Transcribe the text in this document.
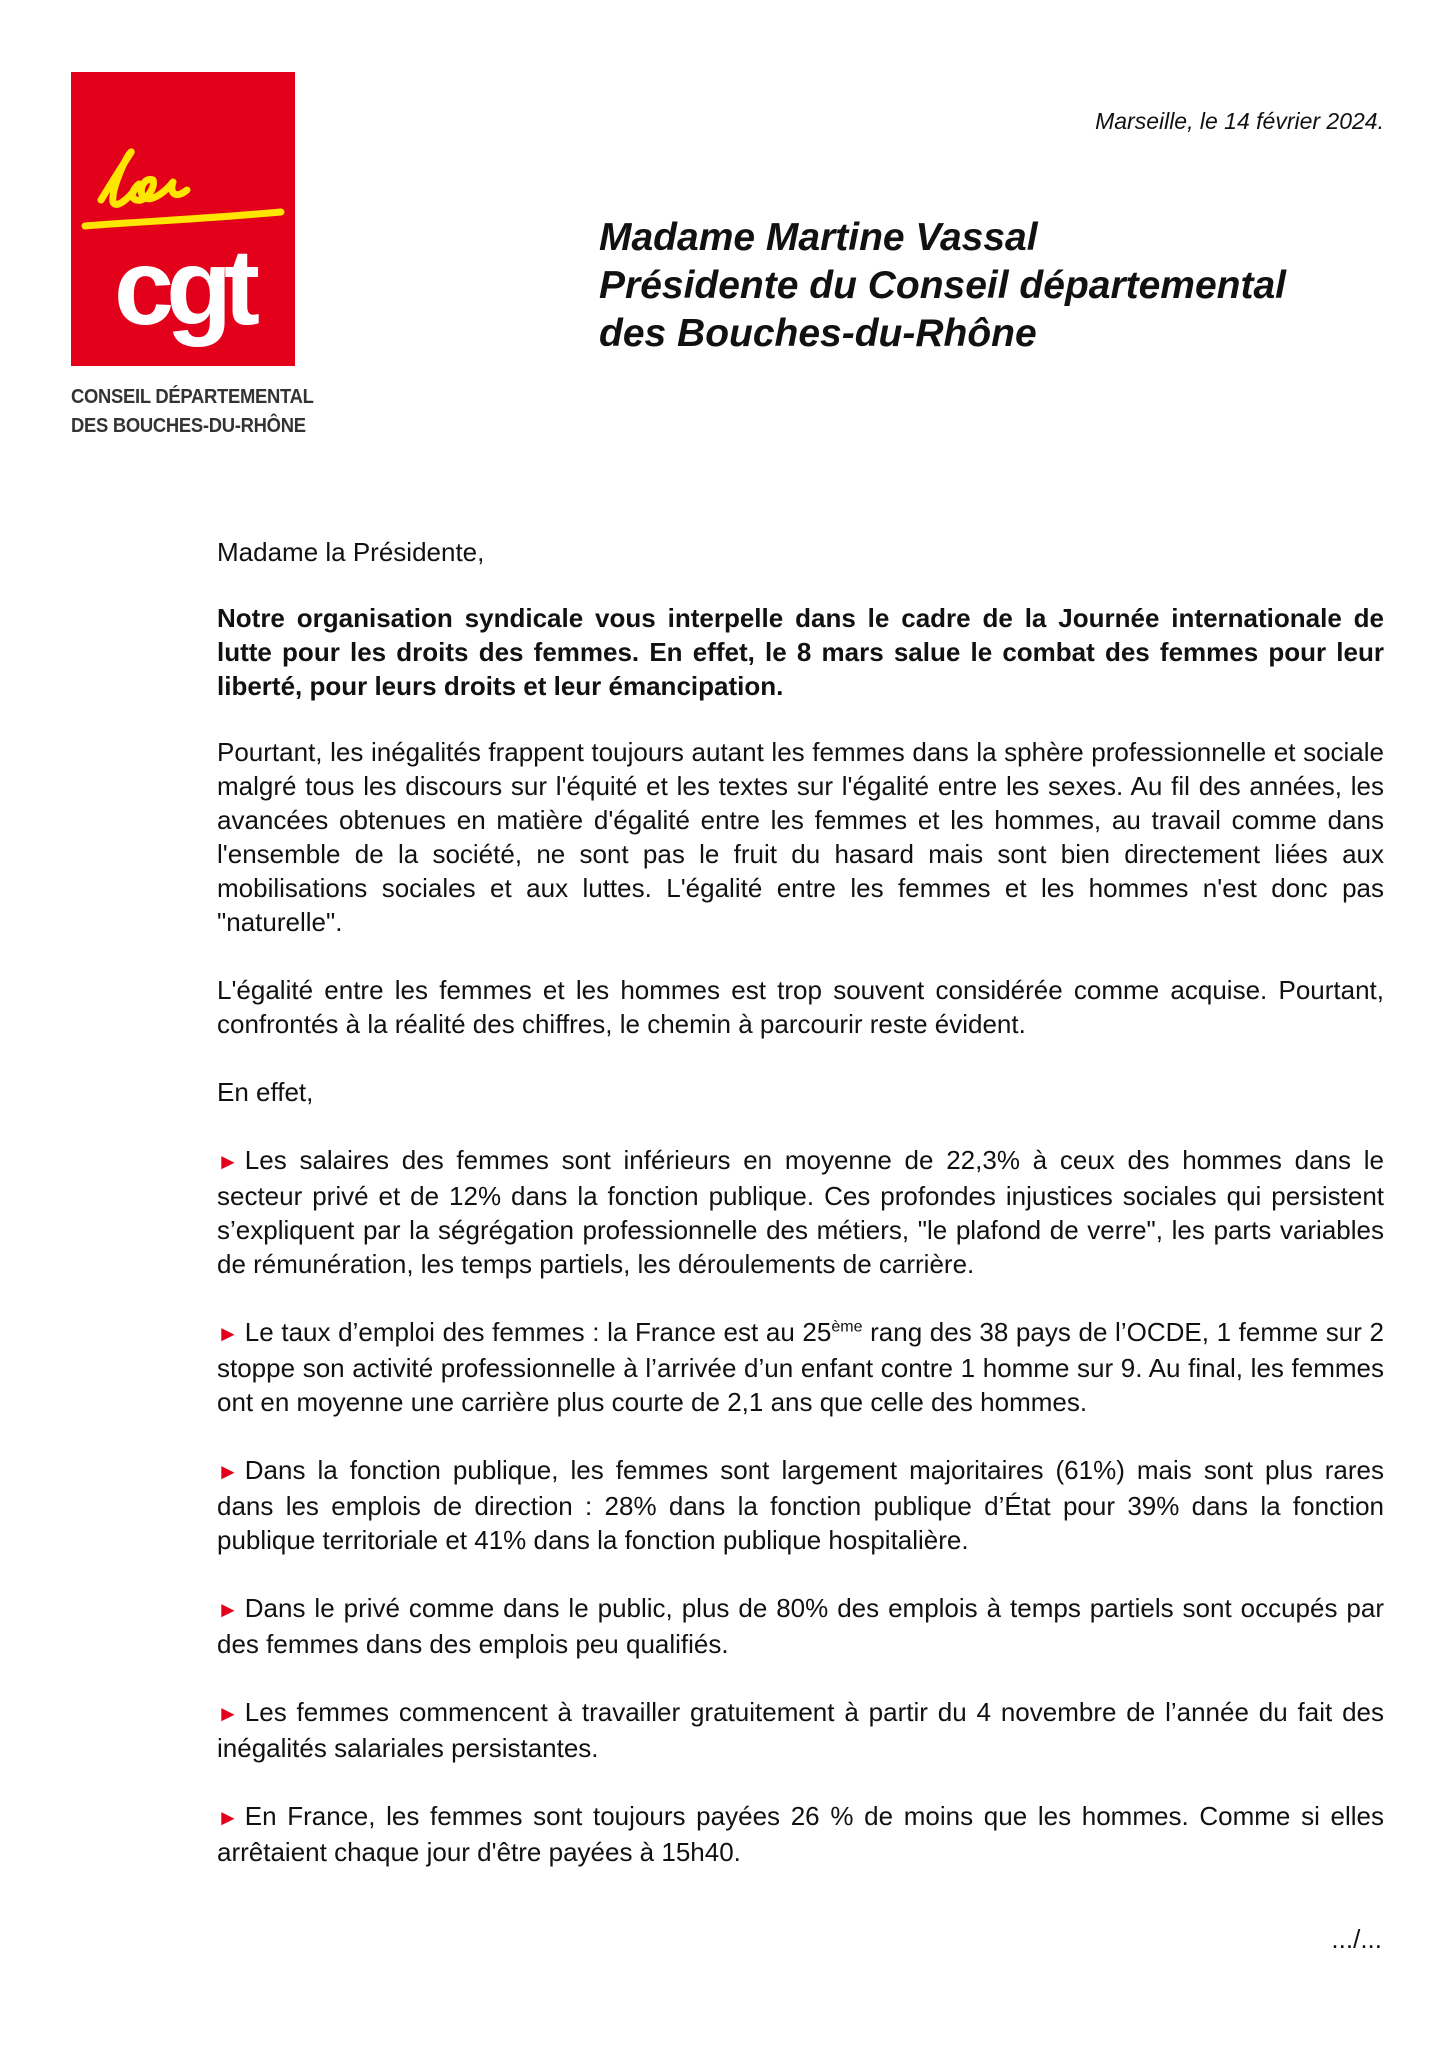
cgt
CONSEIL DÉPARTEMENTAL
DES BOUCHES-DU-RHÔNE
Marseille, le 14 février 2024.
Madame Martine Vassal
Présidente du Conseil départemental
des Bouches-du-Rhône

Madame la Présidente,

Notre organisation syndicale vous interpelle dans le cadre de la Journée internationale de lutte pour les droits des femmes. En effet, le 8 mars salue le combat des femmes pour leur liberté, pour leurs droits et leur émancipation.

Pourtant, les inégalités frappent toujours autant les femmes dans la sphère professionnelle et sociale malgré tous les discours sur l'équité et les textes sur l'égalité entre les sexes. Au fil des années, les avancées obtenues en matière d'égalité entre les femmes et les hommes, au travail comme dans l'ensemble de la société, ne sont pas le fruit du hasard mais sont bien directement liées aux mobilisations sociales et aux luttes. L'égalité entre les femmes et les hommes n'est donc pas "naturelle".

L'égalité entre les femmes et les hommes est trop souvent considérée comme acquise. Pourtant, confrontés à la réalité des chiffres, le chemin à parcourir reste évident.

En effet,

► Les salaires des femmes sont inférieurs en moyenne de 22,3% à ceux des hommes dans le secteur privé et de 12% dans la fonction publique. Ces profondes injustices sociales qui persistent s’expliquent par la ségrégation professionnelle des métiers, "le plafond de verre", les parts variables de rémunération, les temps partiels, les déroulements de carrière.

► Le taux d’emploi des femmes : la France est au 25ème rang des 38 pays de l’OCDE, 1 femme sur 2 stoppe son activité professionnelle à l’arrivée d’un enfant contre 1 homme sur 9. Au final, les femmes ont en moyenne une carrière plus courte de 2,1 ans que celle des hommes.

► Dans la fonction publique, les femmes sont largement majoritaires (61%) mais sont plus rares dans les emplois de direction : 28% dans la fonction publique d’État pour 39% dans la fonction publique territoriale et 41% dans la fonction publique hospitalière.

► Dans le privé comme dans le public, plus de 80% des emplois à temps partiels sont occupés par des femmes dans des emplois peu qualifiés.

► Les femmes commencent à travailler gratuitement à partir du 4 novembre de l’année du fait des inégalités salariales persistantes.

► En France, les femmes sont toujours payées 26 % de moins que les hommes. Comme si elles arrêtaient chaque jour d'être payées à 15h40.

.../...
